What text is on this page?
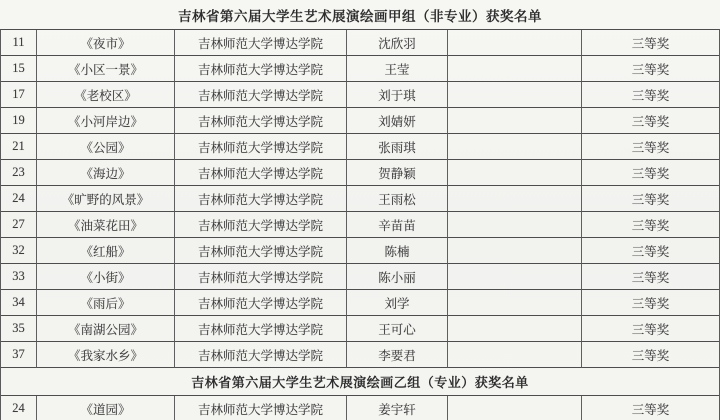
吉林省第六届大学生艺术展演绘画甲组（非专业）获奖名单
11	《夜市》	吉林师范大学博达学院	沈欣羽	三等奖
15	《小区一景》	吉林师范大学博达学院	王莹	三等奖
17	《老校区》	吉林师范大学博达学院	刘于琪	三等奖
19	《小河岸边》	吉林师范大学博达学院	刘婧妍	三等奖
21	《公园》	吉林师范大学博达学院	张雨琪	三等奖
23	《海边》	吉林师范大学博达学院	贺静颖	三等奖
24	《旷野的风景》	吉林师范大学博达学院	王雨松	三等奖
27	《油菜花田》	吉林师范大学博达学院	辛苗苗	三等奖
32	《红船》	吉林师范大学博达学院	陈楠	三等奖
33	《小街》	吉林师范大学博达学院	陈小丽	三等奖
34	《雨后》	吉林师范大学博达学院	刘学	三等奖
35	《南湖公园》	吉林师范大学博达学院	王可心	三等奖
37	《我家水乡》	吉林师范大学博达学院	李要君	三等奖
吉林省第六届大学生艺术展演绘画乙组（专业）获奖名单
24	《道园》	吉林师范大学博达学院	姜宇轩	三等奖
